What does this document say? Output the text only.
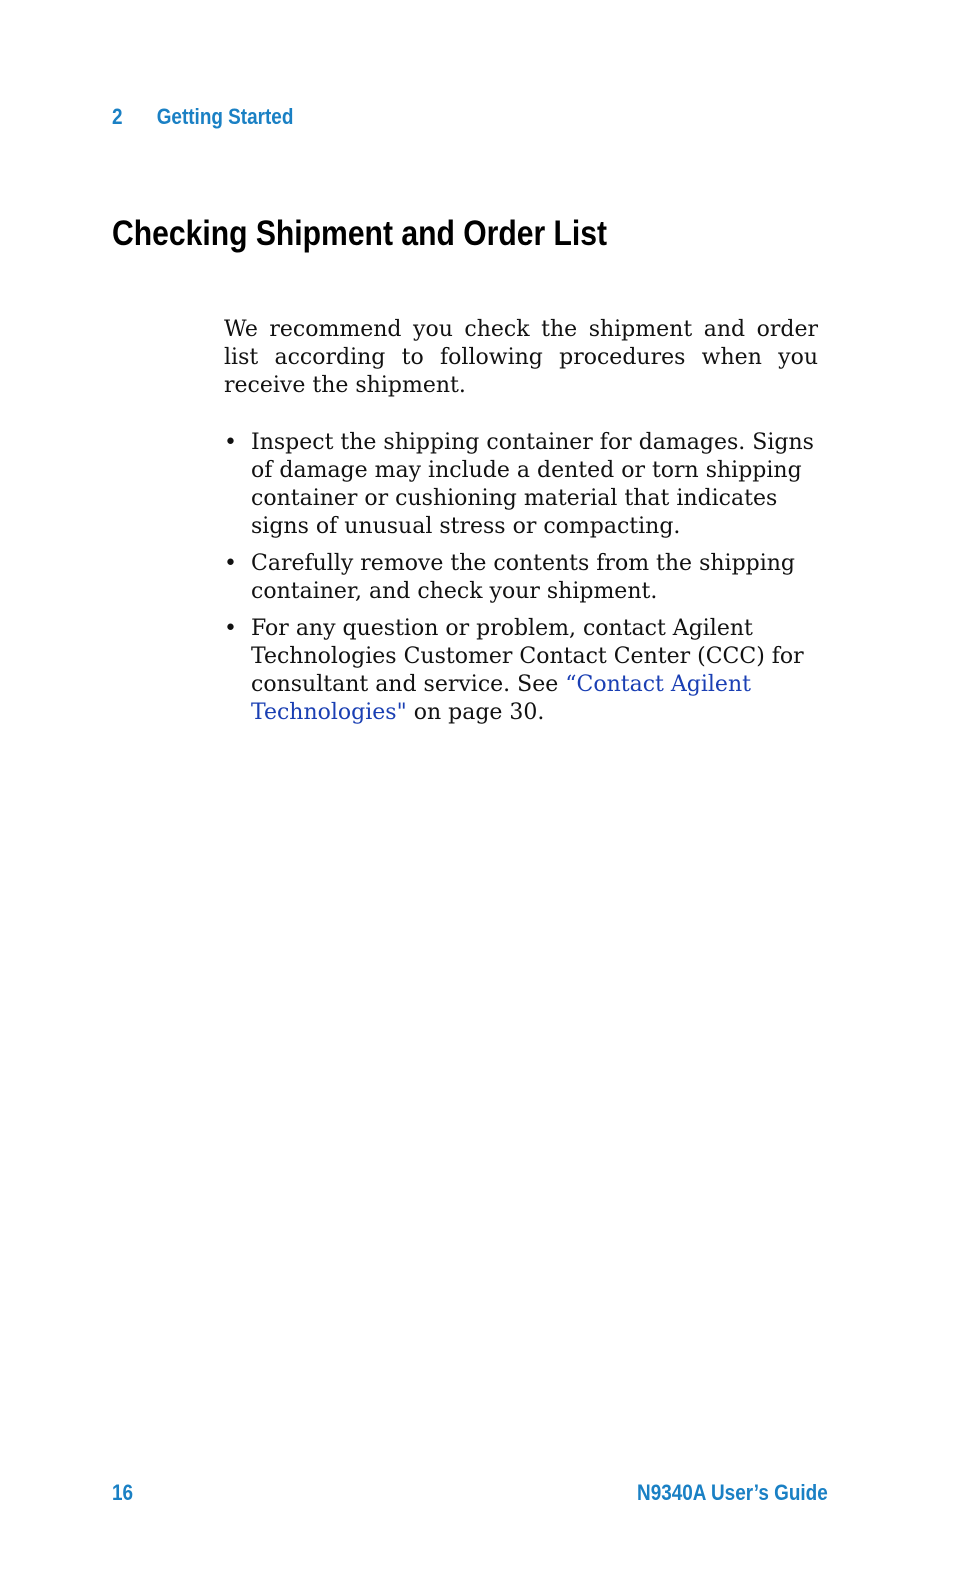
2 Getting Started
Checking Shipment and Order List

We recommend you check the shipment and order list according to following procedures when you receive the shipment.

• Inspect the shipping container for damages. Signs of damage may include a dented or torn shipping container or cushioning material that indicates signs of unusual stress or compacting.
• Carefully remove the contents from the shipping container, and check your shipment.
• For any question or problem, contact Agilent Technologies Customer Contact Center (CCC) for consultant and service. See “Contact Agilent Technologies" on page 30.
16	N9340A User’s Guide
